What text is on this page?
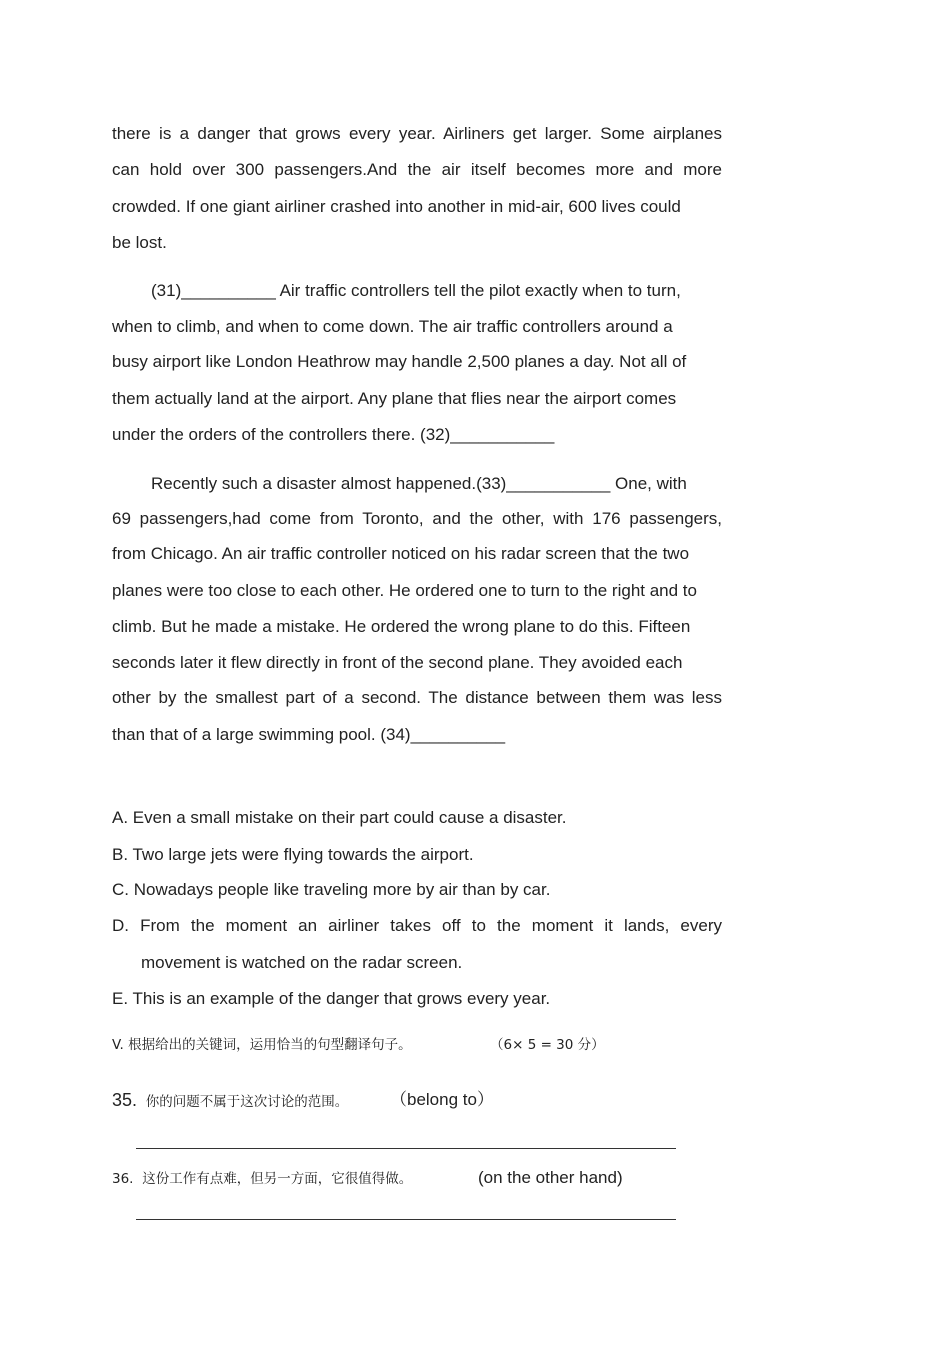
there is a danger that grows every year. Airliners get larger. Some airplanes
can hold over 300 passengers.And the air itself becomes more and more
crowded. If one giant airliner crashed into another in mid-air, 600 lives could
be lost.
(31)__________ Air traffic controllers tell the pilot exactly when to turn,
when to climb, and when to come down. The air traffic controllers around a
busy airport like London Heathrow may handle 2,500 planes a day. Not all of
them actually land at the airport. Any plane that flies near the airport comes
under the orders of the controllers there. (32)___________
Recently such a disaster almost happened.(33)___________ One, with
69 passengers,had come from Toronto, and the other, with 176 passengers,
from Chicago. An air traffic controller noticed on his radar screen that the two
planes were too close to each other. He ordered one to turn to the right and to
climb. But he made a mistake. He ordered the wrong plane to do this. Fifteen
seconds later it flew directly in front of the second plane. They avoided each
other by the smallest part of a second. The distance between them was less
than that of a large swimming pool. (34)__________
A. Even a small mistake on their part could cause a disaster.
B. Two large jets were flying towards the airport.
C. Nowadays people like traveling more by air than by car.
D. From the moment an airliner takes off to the moment it lands, every
movement is watched on the radar screen.
E. This is an example of the danger that grows every year.
V. 根据给出的关键词，运用恰当的句型翻译句子。	（6× 5 = 30 分）
35. 你的问题不属于这次讨论的范围。 （belong to）
36. 这份工作有点难，但另一方面，它很值得做。	(on the other hand)
